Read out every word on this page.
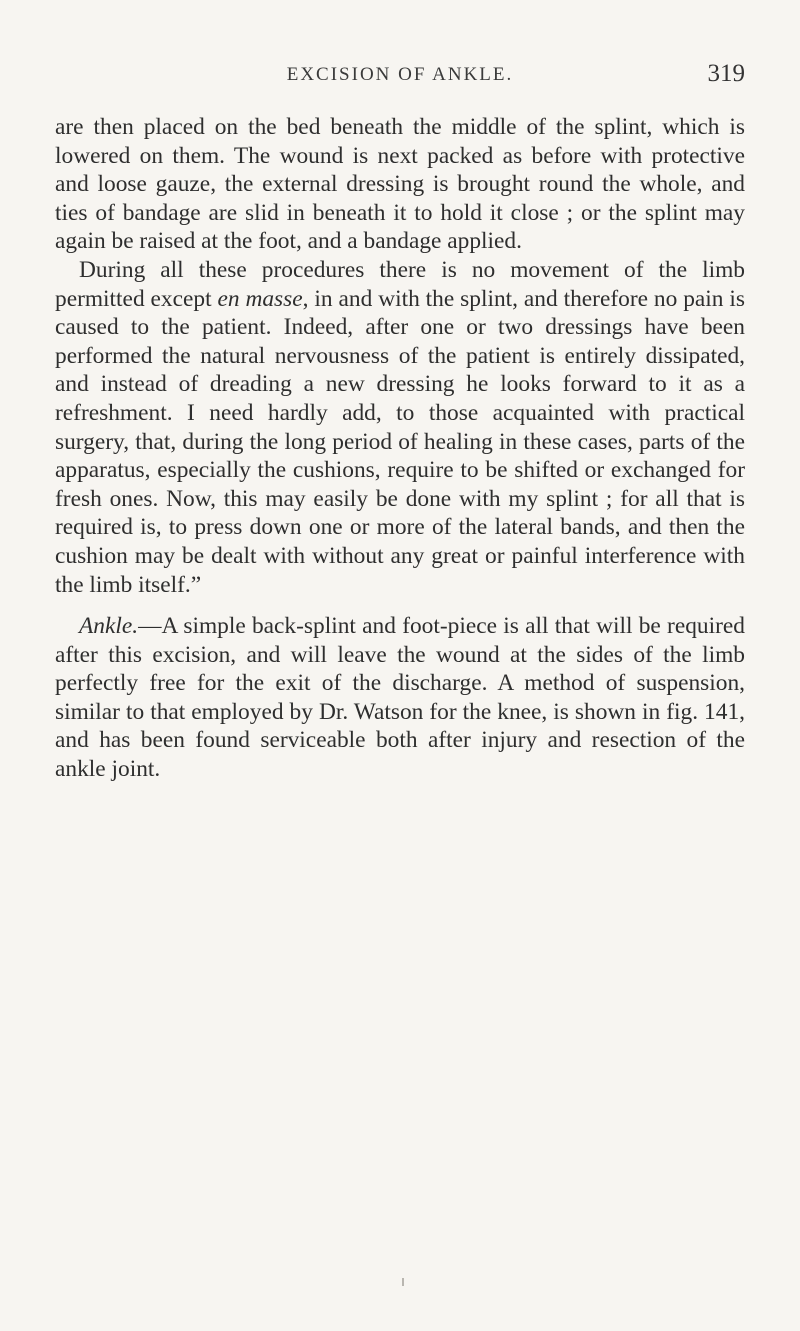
EXCISION OF ANKLE.	319

are then placed on the bed beneath the middle of the splint, which is lowered on them. The wound is next packed as before with protective and loose gauze, the external dressing is brought round the whole, and ties of bandage are slid in beneath it to hold it close ; or the splint may again be raised at the foot, and a bandage applied.

During all these procedures there is no movement of the limb permitted except en masse, in and with the splint, and therefore no pain is caused to the patient. Indeed, after one or two dressings have been performed the natural nervousness of the patient is entirely dissipated, and instead of dreading a new dressing he looks forward to it as a refreshment. I need hardly add, to those acquainted with practical surgery, that, during the long period of healing in these cases, parts of the apparatus, especially the cushions, require to be shifted or exchanged for fresh ones. Now, this may easily be done with my splint ; for all that is required is, to press down one or more of the lateral bands, and then the cushion may be dealt with without any great or painful interference with the limb itself.”

Ankle.—A simple back-splint and foot-piece is all that will be required after this excision, and will leave the wound at the sides of the limb perfectly free for the exit of the discharge. A method of suspension, similar to that employed by Dr. Watson for the knee, is shown in fig. 141, and has been found serviceable both after injury and resection of the ankle joint.
